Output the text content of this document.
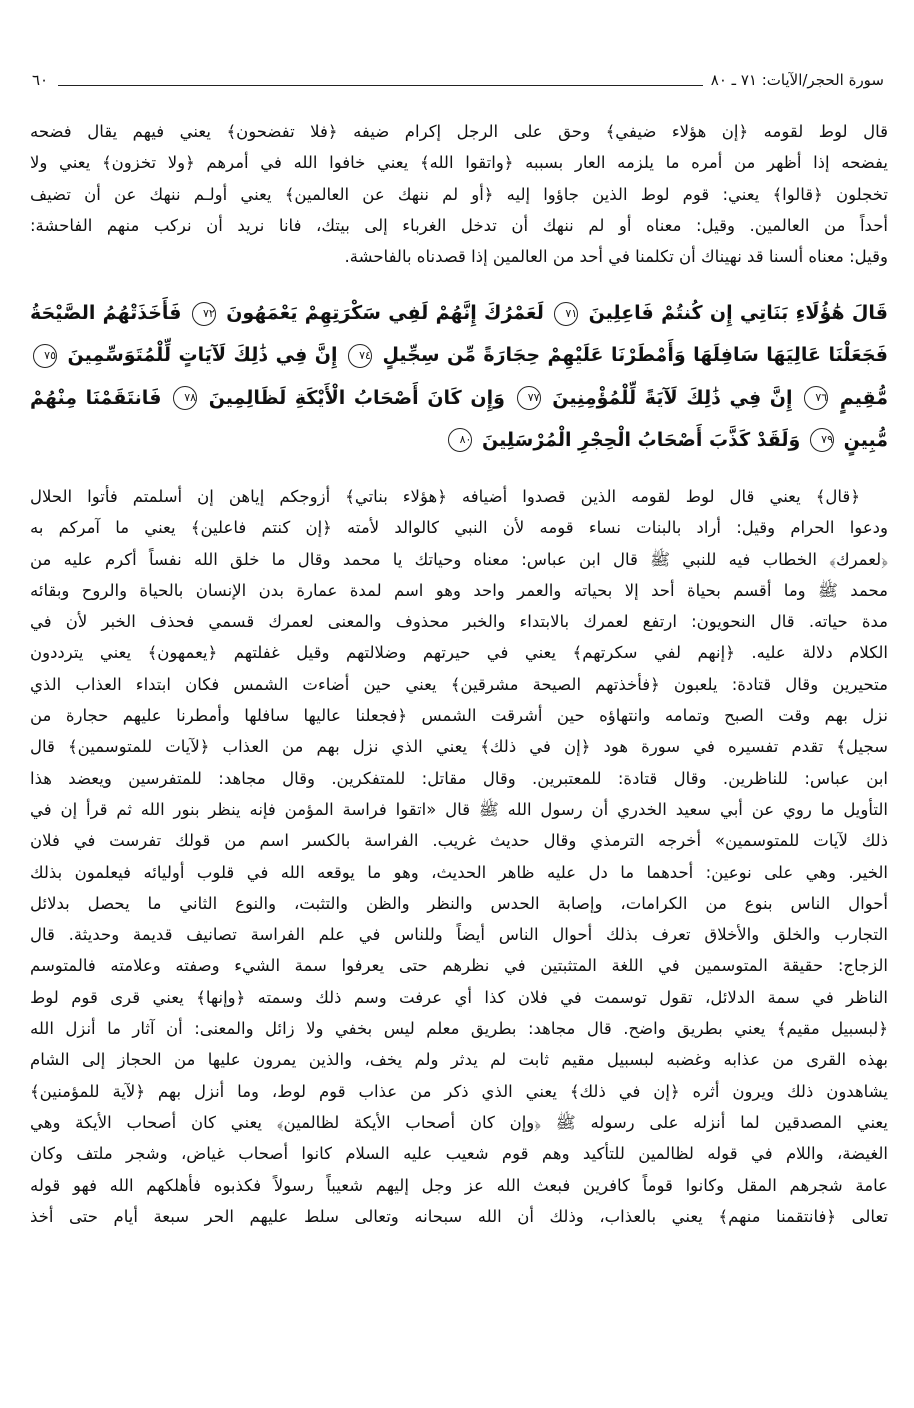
سورة الحجر/الآيات: ٧١ ـ ٨٠
٦٠
قال لوط لقومه ﴿إن هؤلاء ضيفي﴾ وحق على الرجل إكرام ضيفه ﴿فلا تفضحون﴾ يعني فيهم يقال فضحه
يفضحه إذا أظهر من أمره ما يلزمه العار بسببه ﴿واتقوا الله﴾ يعني خافوا الله في أمرهم ﴿ولا تخزون﴾ يعني ولا
تخجلون ﴿قالوا﴾ يعني: قوم لوط الذين جاؤوا إليه ﴿أو لم ننهك عن العالمين﴾ يعني أولـم ننهك عن أن تضيف
أحداً من العالمين. وقيل: معناه أو لم ننهك أن تدخل الغرباء إلى بيتك، فانا نريد أن نركب منهم الفاحشة:
وقيل: معناه ألسنا قد نهيناك أن تكلمنا في أحد من العالمين إذا قصدناه بالفاحشة.
قَالَ هَٰؤُلَاءِ بَنَاتِي إِن كُنتُمْ فَاعِلِينَ ٧١ لَعَمْرُكَ إِنَّهُمْ لَفِي سَكْرَتِهِمْ يَعْمَهُونَ ٧٢ فَأَخَذَتْهُمُ الصَّيْحَةُ
فَجَعَلْنَا عَالِيَهَا سَافِلَهَا وَأَمْطَرْنَا عَلَيْهِمْ حِجَارَةً مِّن سِجِّيلٍ ٧٤ إِنَّ فِي ذَٰلِكَ لَآيَاتٍ لِّلْمُتَوَسِّمِينَ ٧٥
مُّقِيمٍ ٧٦ إِنَّ فِي ذَٰلِكَ لَآيَةً لِّلْمُؤْمِنِينَ ٧٧ وَإِن كَانَ أَصْحَابُ الْأَيْكَةِ لَظَالِمِينَ ٧٨ فَانتَقَمْنَا مِنْهُمْ
مُّبِينٍ ٧٩ وَلَقَدْ كَذَّبَ أَصْحَابُ الْحِجْرِ الْمُرْسَلِينَ ٨٠
﴿قال﴾ يعني قال لوط لقومه الذين قصدوا أضيافه ﴿هؤلاء بناتي﴾ أزوجكم إياهن إن أسلمتم فأتوا الحلال
ودعوا الحرام وقيل: أراد بالبنات نساء قومه لأن النبي كالوالد لأمته ﴿إن كنتم فاعلين﴾ يعني ما آمركم به
﴿لعمرك﴾ الخطاب فيه للنبي ﷺ قال ابن عباس: معناه وحياتك يا محمد وقال ما خلق الله نفساً أكرم عليه من
محمد ﷺ وما أقسم بحياة أحد إلا بحياته والعمر واحد وهو اسم لمدة عمارة بدن الإنسان بالحياة والروح وبقائه
مدة حياته. قال النحويون: ارتفع لعمرك بالابتداء والخبر محذوف والمعنى لعمرك قسمي فحذف الخبر لأن في
الكلام دلالة عليه. ﴿إنهم لفي سكرتهم﴾ يعني في حيرتهم وضلالتهم وقيل غفلتهم ﴿يعمهون﴾ يعني يترددون
متحيرين وقال قتادة: يلعبون ﴿فأخذتهم الصيحة مشرقين﴾ يعني حين أضاءت الشمس فكان ابتداء العذاب الذي
نزل بهم وقت الصبح وتمامه وانتهاؤه حين أشرقت الشمس ﴿فجعلنا عاليها سافلها وأمطرنا عليهم حجارة من
سجيل﴾ تقدم تفسيره في سورة هود ﴿إن في ذلك﴾ يعني الذي نزل بهم من العذاب ﴿لآيات للمتوسمين﴾ قال
ابن عباس: للناظرين. وقال قتادة: للمعتبرين. وقال مقاتل: للمتفكرين. وقال مجاهد: للمتفرسين ويعضد هذا
التأويل ما روي عن أبي سعيد الخدري أن رسول الله ﷺ قال «اتقوا فراسة المؤمن فإنه ينظر بنور الله ثم قرأ إن في
ذلك لآيات للمتوسمين» أخرجه الترمذي وقال حديث غريب. الفراسة بالكسر اسم من قولك تفرست في فلان
الخير. وهي على نوعين: أحدهما ما دل عليه ظاهر الحديث، وهو ما يوقعه الله في قلوب أوليائه فيعلمون بذلك
أحوال الناس بنوع من الكرامات، وإصابة الحدس والنظر والظن والتثبت، والنوع الثاني ما يحصل بدلائل
التجارب والخلق والأخلاق تعرف بذلك أحوال الناس أيضاً وللناس في علم الفراسة تصانيف قديمة وحديثة. قال
الزجاج: حقيقة المتوسمين في اللغة المتثبتين في نظرهم حتى يعرفوا سمة الشيء وصفته وعلامته فالمتوسم
الناظر في سمة الدلائل، تقول توسمت في فلان كذا أي عرفت وسم ذلك وسمته ﴿وإنها﴾ يعني قرى قوم لوط
﴿لبسبيل مقيم﴾ يعني بطريق واضح. قال مجاهد: بطريق معلم ليس بخفي ولا زائل والمعنى: أن آثار ما أنزل الله
بهذه القرى من عذابه وغضبه لبسبيل مقيم ثابت لم يدثر ولم يخف، والذين يمرون عليها من الحجاز إلى الشام
يشاهدون ذلك ويرون أثره ﴿إن في ذلك﴾ يعني الذي ذكر من عذاب قوم لوط، وما أنزل بهم ﴿لآية للمؤمنين﴾
يعني المصدقين لما أنزله على رسوله ﷺ ﴿وإن كان أصحاب الأيكة لظالمين﴾ يعني كان أصحاب الأيكة وهي
الغيضة، واللام في قوله لظالمين للتأكيد وهم قوم شعيب عليه السلام كانوا أصحاب غياض، وشجر ملتف وكان
عامة شجرهم المقل وكانوا قوماً كافرين فبعث الله عز وجل إليهم شعيباً رسولاً فكذبوه فأهلكهم الله فهو قوله
تعالى ﴿فانتقمنا منهم﴾ يعني بالعذاب، وذلك أن الله سبحانه وتعالى سلط عليهم الحر سبعة أيام حتى أخذ
